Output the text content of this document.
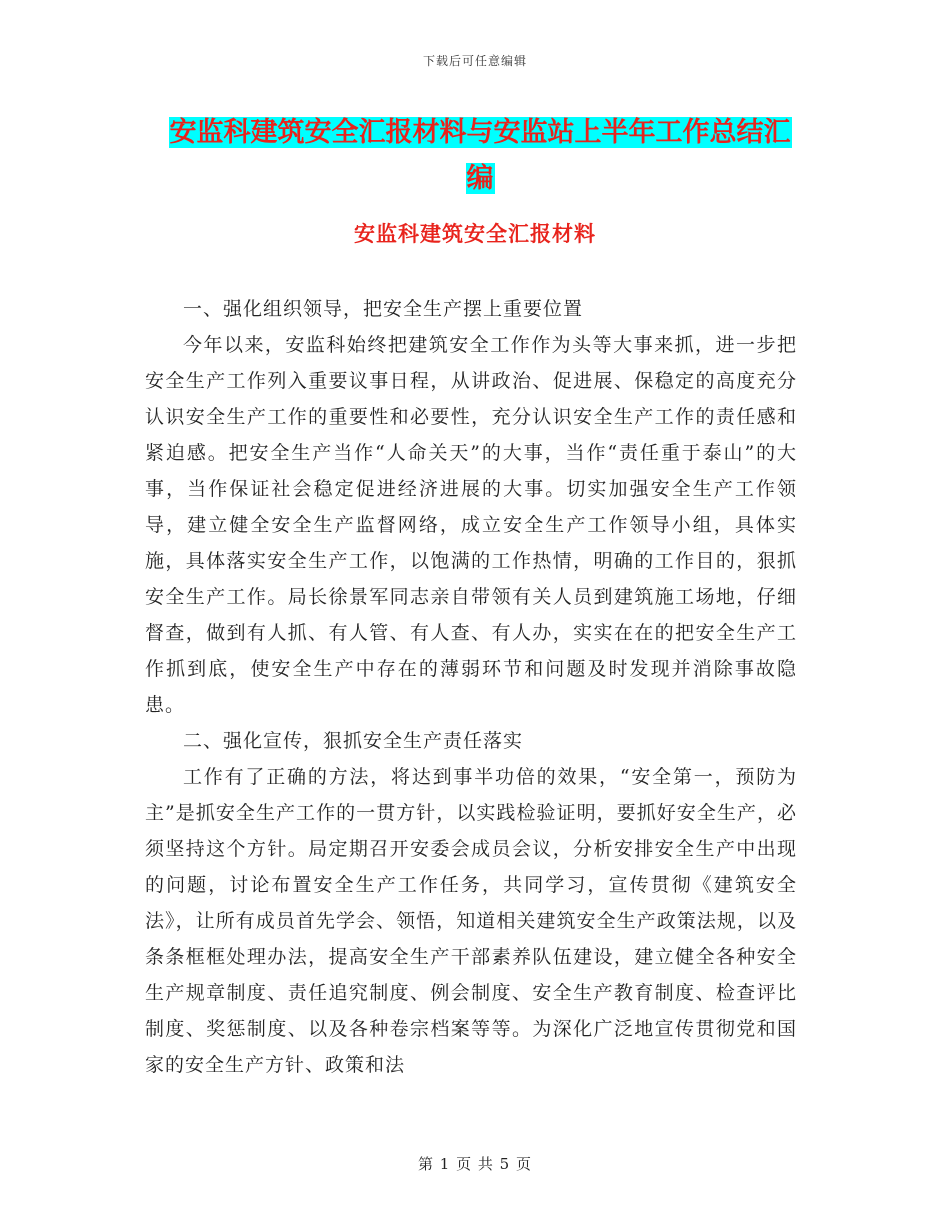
下载后可任意编辑
安监科建筑安全汇报材料与安监站上半年工作总结汇
编
安监科建筑安全汇报材料

一、强化组织领导，把安全生产摆上重要位置

今年以来，安监科始终把建筑安全工作作为头等大事来抓，进一步把安全生产工作列入重要议事日程，从讲政治、促进展、保稳定的高度充分认识安全生产工作的重要性和必要性，充分认识安全生产工作的责任感和紧迫感。把安全生产当作“人命关天”的大事，当作“责任重于泰山”的大事，当作保证社会稳定促进经济进展的大事。切实加强安全生产工作领导，建立健全安全生产监督网络，成立安全生产工作领导小组，具体实施，具体落实安全生产工作，以饱满的工作热情，明确的工作目的，狠抓安全生产工作。局长徐景军同志亲自带领有关人员到建筑施工场地，仔细督查，做到有人抓、有人管、有人查、有人办，实实在在的把安全生产工作抓到底，使安全生产中存在的薄弱环节和问题及时发现并消除事故隐患。

二、强化宣传，狠抓安全生产责任落实

工作有了正确的方法，将达到事半功倍的效果，“安全第一，预防为主”是抓安全生产工作的一贯方针，以实践检验证明，要抓好安全生产，必须坚持这个方针。局定期召开安委会成员会议，分析安排安全生产中出现的问题，讨论布置安全生产工作任务，共同学习，宣传贯彻《建筑安全法》，让所有成员首先学会、领悟，知道相关建筑安全生产政策法规，以及条条框框处理办法，提高安全生产干部素养队伍建设，建立健全各种安全生产规章制度、责任追究制度、例会制度、安全生产教育制度、检查评比制度、奖惩制度、以及各种卷宗档案等等。为深化广泛地宣传贯彻党和国家的安全生产方针、政策和法

第 1 页 共 5 页
